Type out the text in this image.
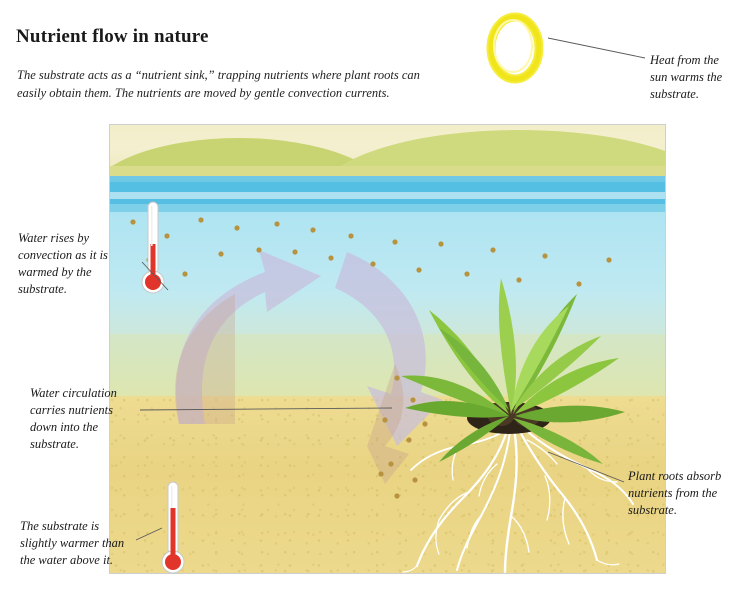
Nutrient flow in nature
The substrate acts as a “nutrient sink,” trapping nutrients where plant roots can easily obtain them. The nutrients are moved by gentle convection currents.
Heat from the sun warms the substrate.
Water rises by convection as it is warmed by the substrate.
Water circulation carries nutrients down into the substrate.
The substrate is slightly warmer than the water above it.
Plant roots absorb nutrients from the substrate.
